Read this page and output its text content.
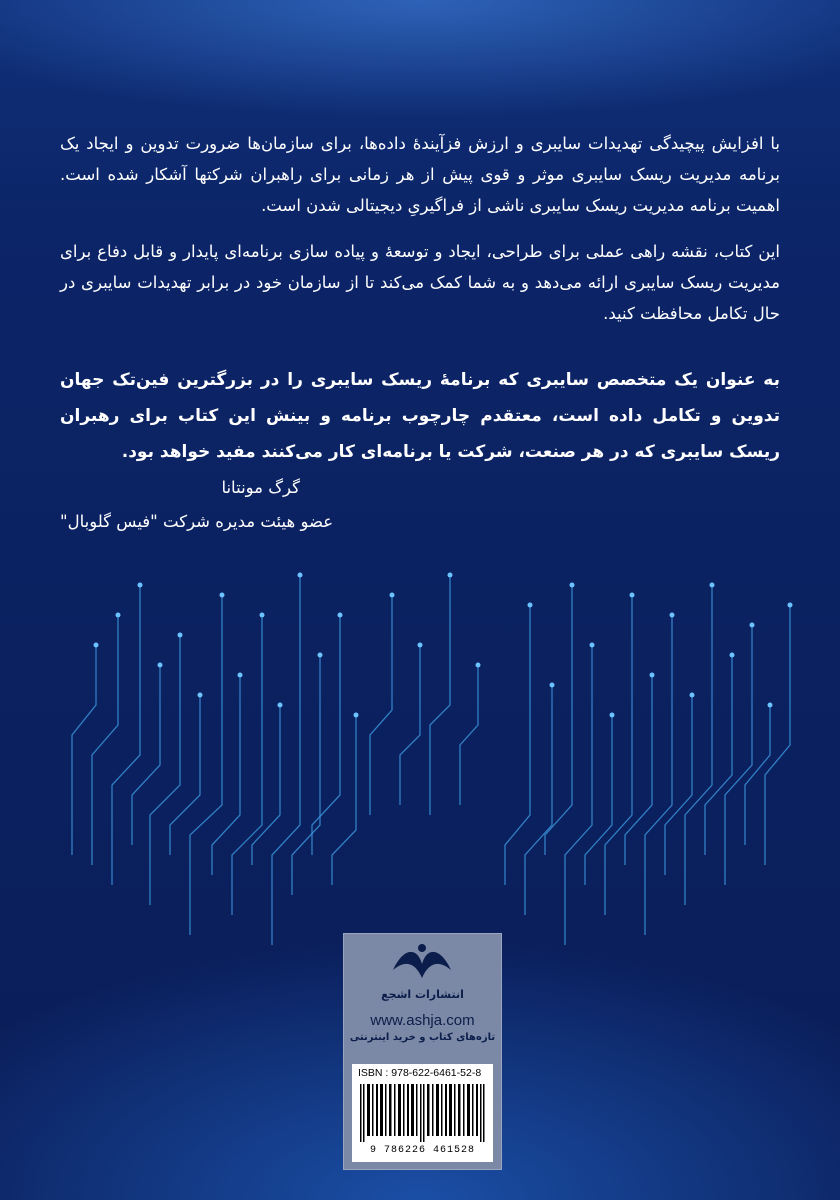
با افزایش پیچیدگی تهدیدات سایبری و ارزش فزآیندهٔ داده‌ها، برای سازمان‌ها ضرورت تدوین و ایجاد یک برنامه مدیریت ریسک سایبری موثر و قوی پیش از هر زمانی برای راهبران شرکتها آشکار شده است. اهمیت برنامه مدیریت ریسک سایبری ناشی از فراگیریِ دیجیتالی شدن است.

این کتاب، نقشه راهی عملی برای طراحی، ایجاد و توسعهٔ و پیاده سازی برنامه‌ای پایدار و قابل دفاع برای مدیریت ریسک سایبری ارائه می‌دهد و به شما کمک می‌کند تا از سازمان خود در برابر تهدیدات سایبری در حال تکامل محافظت کنید.

به عنوان یک متخصص سایبری که برنامهٔ ریسک سایبری را در بزرگترین فین‌تک جهان تدوین و تکامل داده است، معتقدم چارچوب برنامه و بینش این کتاب برای رهبران ریسک سایبری که در هر صنعت، شرکت یا برنامه‌ای کار می‌کنند مفید خواهد بود.

گرگ مونتانا
عضو هیئت مدیره شرکت "فیس گلوبال"
انتشارات اشجع
www.ashja.com
تازه‌های کتاب و خرید اینترنتی
ISBN : 978-622-6461-52-8
9 786226 461528
